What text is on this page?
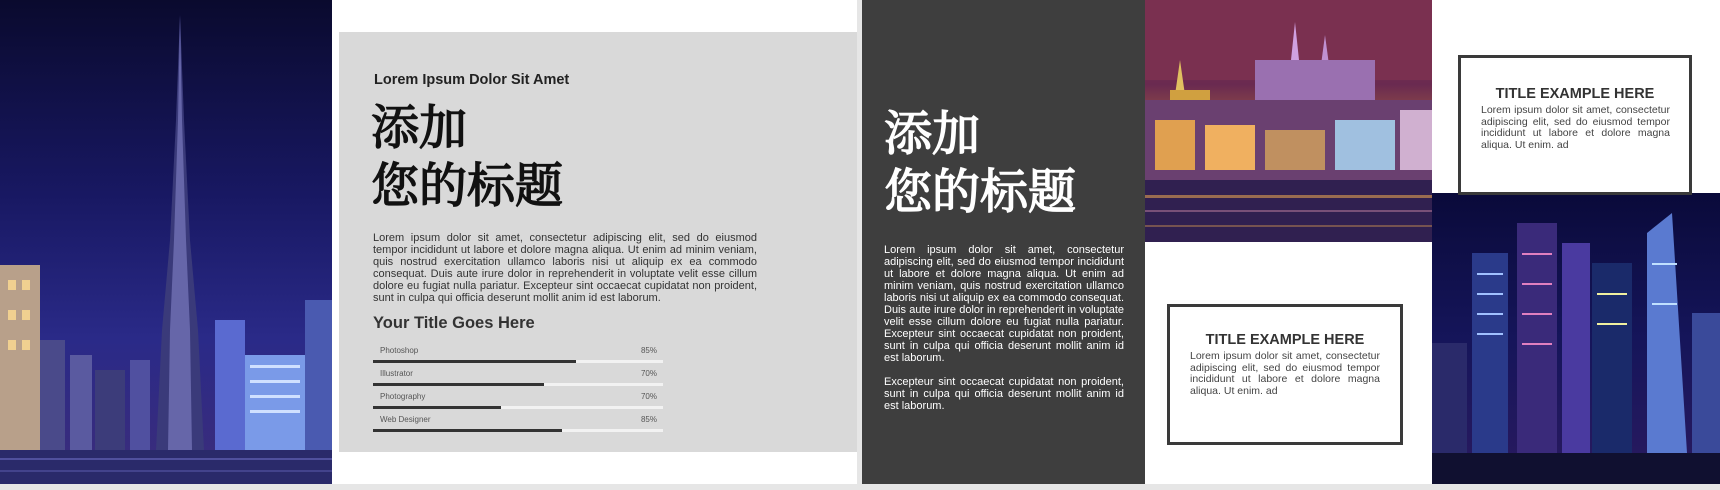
Lorem Ipsum Dolor Sit Amet
添加
您的标题
Lorem ipsum dolor sit amet, consectetur adipiscing elit, sed do eiusmod tempor incididunt ut labore et dolore magna aliqua. Ut enim ad minim veniam, quis nostrud exercitation ullamco laboris nisi ut aliquip ex ea commodo consequat. Duis aute irure dolor in reprehenderit in voluptate velit esse cillum dolore eu fugiat nulla pariatur. Excepteur sint occaecat cupidatat non proident, sunt in culpa qui officia deserunt mollit anim id est laborum.
Your Title Goes Here
Photoshop	85%
Illustrator	70%
Photography	70%
Web Designer	85%
添加
您的标题
Lorem ipsum dolor sit amet, consectetur adipiscing elit, sed do eiusmod tempor incididunt ut labore et dolore magna aliqua. Ut enim ad minim veniam, quis nostrud exercitation ullamco laboris nisi ut aliquip ex ea commodo consequat. Duis aute irure dolor in reprehenderit in voluptate velit esse cillum dolore eu fugiat nulla pariatur. Excepteur sint occaecat cupidatat non proident, sunt in culpa qui officia deserunt mollit anim id est laborum.
Excepteur sint occaecat cupidatat non proident, sunt in culpa qui officia deserunt mollit anim id est laborum.
TITLE EXAMPLE HERE
Lorem ipsum dolor sit amet, consectetur adipiscing elit, sed do eiusmod tempor incididunt ut labore et dolore magna aliqua. Ut enim. ad
TITLE EXAMPLE HERE
Lorem ipsum dolor sit amet, consectetur adipiscing elit, sed do eiusmod tempor incididunt ut labore et dolore magna aliqua. Ut enim. ad
